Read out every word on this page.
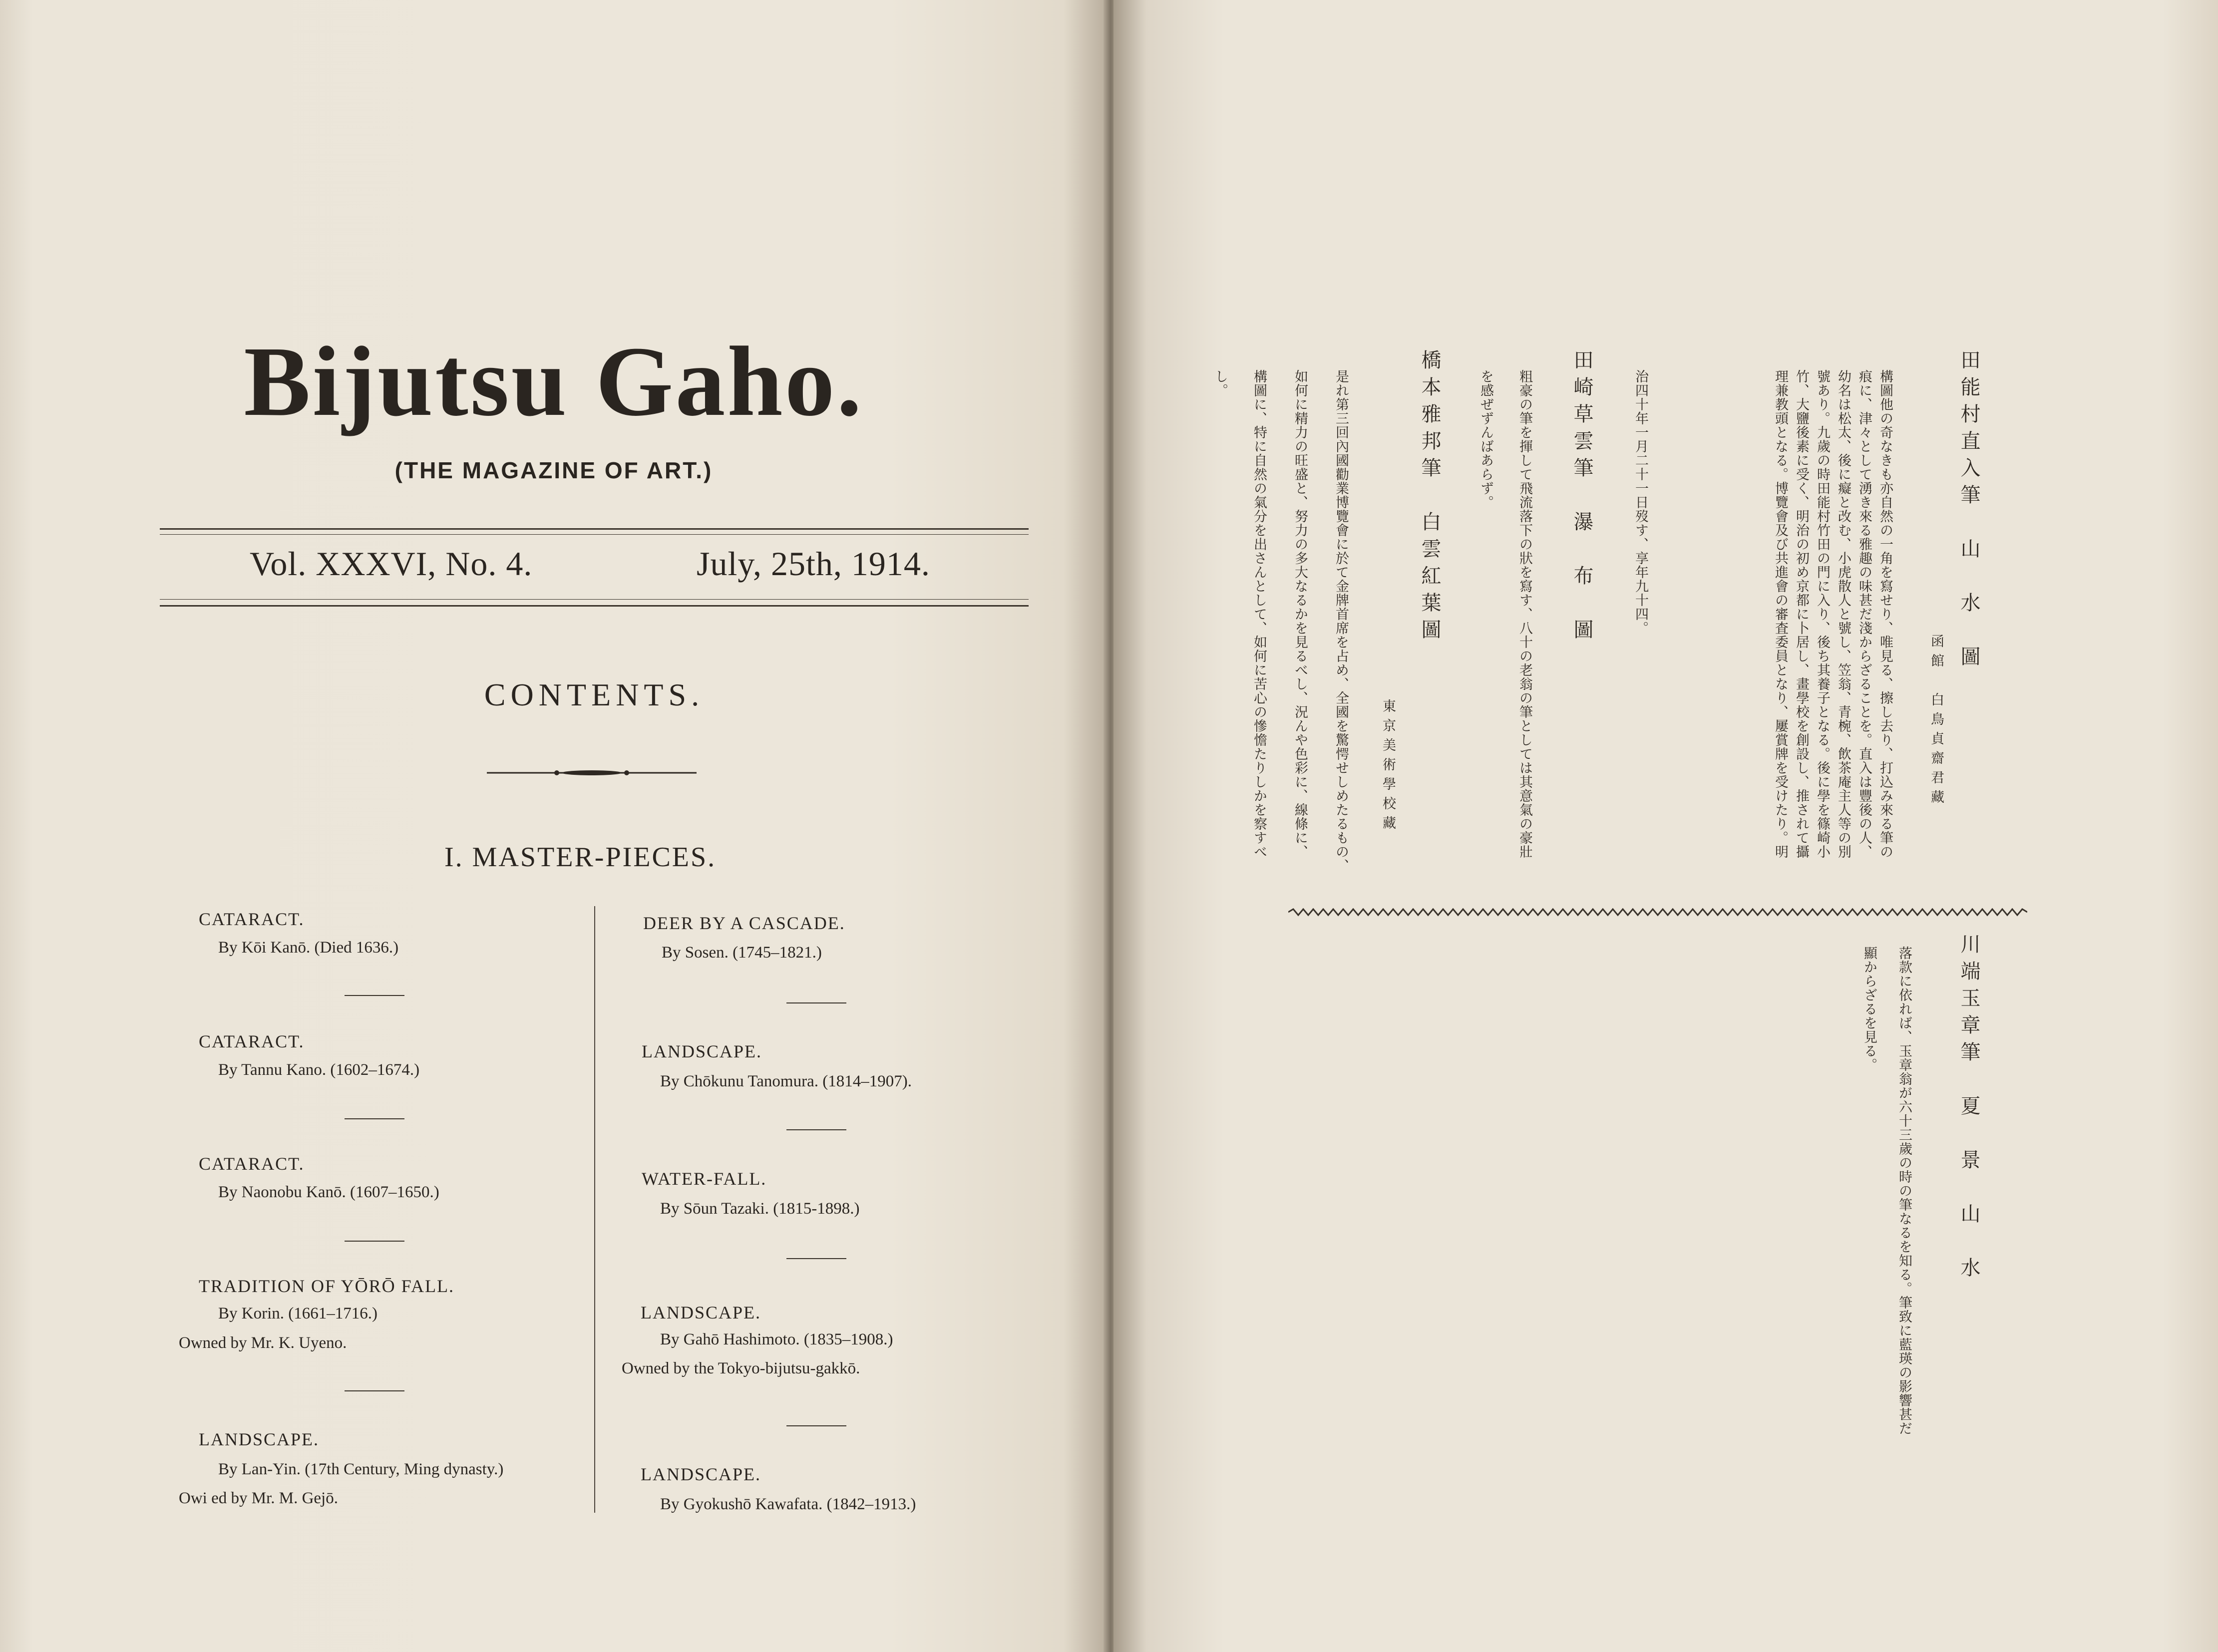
Bijutsu Gaho.
(THE MAGAZINE OF ART.)
Vol. XXXVI, No. 4.	July, 25th, 1914.
CONTENTS.
I. MASTER-PIECES.
CATARACT.
By Kōi Kanō. (Died 1636.)
CATARACT.
By Tannu Kano. (1602–1674.)
CATARACT.
By Naonobu Kanō. (1607–1650.)
TRADITION OF YŌRŌ FALL.
By Korin. (1661–1716.)
Owned by Mr. K. Uyeno.
LANDSCAPE.
By Lan-Yin. (17th Century, Ming dynasty.)
Owi ed by Mr. M. Gejō.
DEER BY A CASCADE.
By Sosen. (1745–1821.)
LANDSCAPE.
By Chōkunu Tanomura. (1814–1907).
WATER-FALL.
By Sōun Tazaki. (1815-1898.)
LANDSCAPE.
By Gahō Hashimoto. (1835–1908.)
Owned by the Tokyo-bijutsu-gakkō.
LANDSCAPE.
By Gyokushō Kawafata. (1842–1913.)
田能村直入筆　山　水　圖
函館　白鳥貞齋君藏
構圖他の奇なきも亦自然の一角を寫せり、唯見る、擦し去り、打込み來る筆の
痕に、津々として湧き來る雅趣の味甚だ淺からざることを。直入は豐後の人、
幼名は松太、後に癡と改む、小虎散人と號し、笠翁、青椀、飲茶庵主人等の別
號あり。九歲の時田能村竹田の門に入り、後ち其養子となる。後に學を篠崎小
竹、大鹽後素に受く、明治の初め京都に卜居し、畫學校を創設し、推されて攝
理兼教頭となる。博覽會及び共進會の審査委員となり、屢賞牌を受けたり。明
治四十年一月二十一日歿す、享年九十四。
田崎草雲筆　瀑　布　圖
粗豪の筆を揮して飛流落下の狀を寫す、八十の老翁の筆としては其意氣の豪壯
を感ぜずんばあらず。
橋本雅邦筆　白雲紅葉圖
東京美術學校藏
是れ第三回內國勸業博覽會に於て金牌首席を占め、全國を驚愕せしめたるもの、
如何に精力の旺盛と、努力の多大なるかを見るべし、況んや色彩に、線條に、
構圖に、特に自然の氣分を出さんとして、如何に苦心の慘憺たりしかを察すべ
し。
川端玉章筆　夏　景　山　水
落款に依れば、玉章翁が六十三歲の時の筆なるを知る。筆致に藍瑛の影響甚だ
顯からざるを見る。
